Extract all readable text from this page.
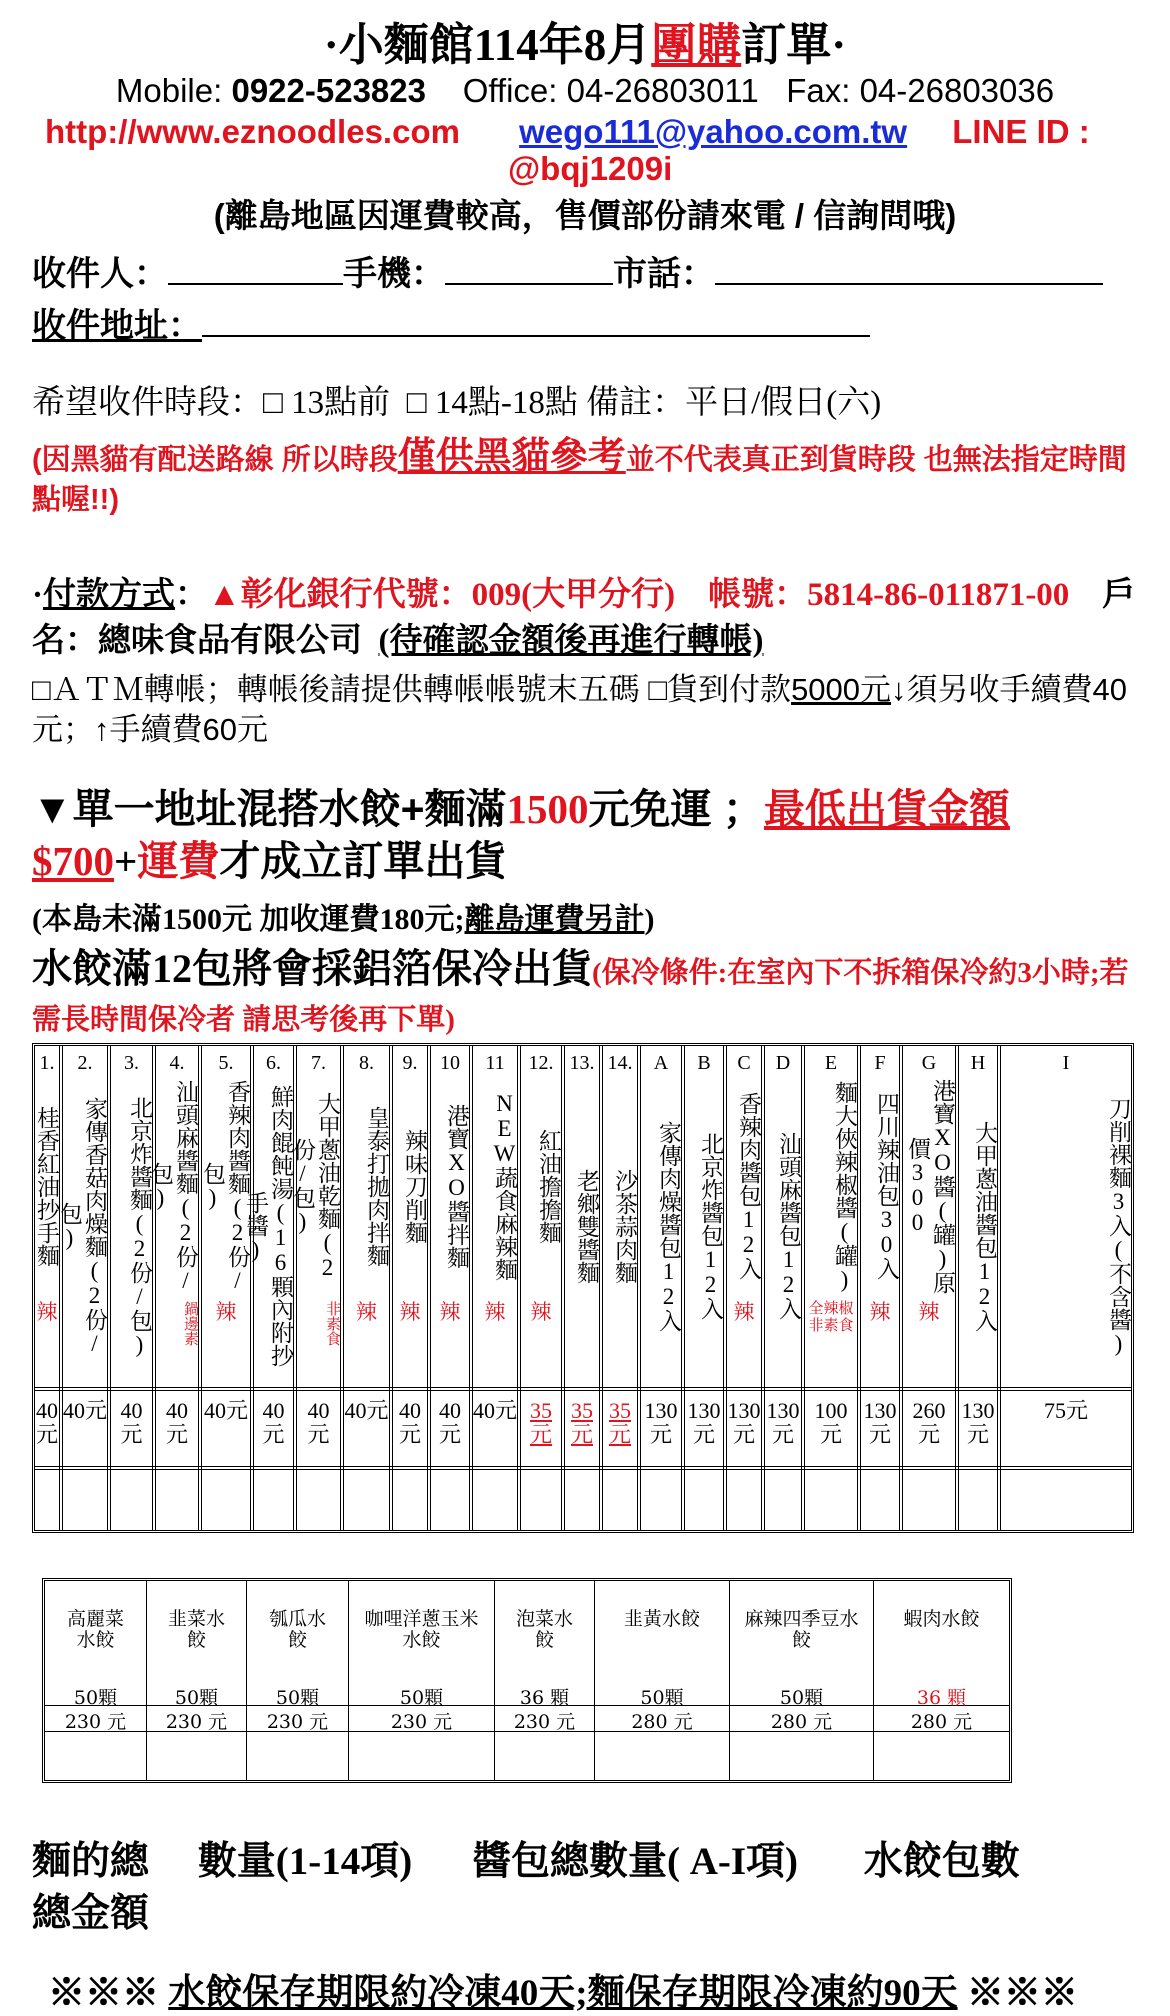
·小麵館114年8月團購訂單·
Mobile: 0922-523823 Office: 04-26803011 Fax: 04-26803036
http://www.eznoodles.com wego111@yahoo.com.tw LINE ID :
@bqj1209i
(離島地區因運費較高，售價部份請來電 / 信詢問哦)
收件人：	手機：	市話：
收件地址：
希望收件時段：□ 13點前 □ 14點-18點 備註：平日/假日(六)
(因黑貓有配送路線 所以時段僅供黑貓參考並不代表真正到貨時段 也無法指定時間點喔!!)
·付款方式：▲彰化銀行代號：009(大甲分行)　帳號：5814-86-011871-00　 戶名：總味食品有限公司 (待確認金額後再進行轉帳)
□ＡＴＭ轉帳；轉帳後請提供轉帳帳號末五碼 □貨到付款5000元↓須另收手續費40元；↑手續費60元
▼單一地址混搭水餃+麵滿1500元免運 ；最低出貨金額$700+運費才成立訂單出貨
(本島未滿1500元 加收運費180元;離島運費另計)
水餃滿12包將會採鋁箔保冷出貨(保冷條件:在室內下不拆箱保冷約3小時;若需長時間保冷者 請思考後再下單)
1.
桂香紅油抄手麵
辣
40元
2.
家傳香菇肉燥麵(2份/包)
40元
3.
北京炸醬麵(2份/包)
40元
4.
汕頭麻醬麵(2份/包)
鍋邊素
40元
5.
香辣肉醬麵(2份/包)
辣
40元
6.
鮮肉餛飩湯(16顆內附抄手醬)
40元
7.
大甲蔥油乾麵(2份/包)
非素食
40元
8.
皇泰打拋肉拌麵
辣
40元
9.
辣味刀削麵
辣
40元
10
港寶XO醬拌麵
辣
40元
11
NEW蔬食麻辣麵
辣
40元
12.
紅油擔擔麵
辣
35元
13.
老鄉雙醬麵
35元
14.
沙茶蒜肉麵
35元
A
家傳肉燥醬包12入
130元
B
北京炸醬包12入
130元
C
香辣肉醬包12入
辣
130元
D
汕頭麻醬包12入
130元
E
麵大俠辣椒醬(罐)
全辣椒非素食
100元
F
四川辣油包30入
辣
130元
G
港寶XO醬(罐)原價300
辣
260元
H
大甲蔥油醬包12入
130元
I
刀削裸麵3入(不含醬)
75元
高麗菜水餃
50顆
230 元
韭菜水餃
50顆
230 元
瓠瓜水餃
50顆
230 元
咖哩洋蔥玉米水餃
50顆
230 元
泡菜水餃
36 顆
230 元
韭黃水餃
50顆
280 元
麻辣四季豆水餃
50顆
280 元
蝦肉水餃
36 顆
280 元
麵的總　 數量(1-14項) 醬包總數量( A-I項) 水餃包數
總金額
※※※ 水餃保存期限約冷凍40天;麵保存期限冷凍約90天 ※※※
